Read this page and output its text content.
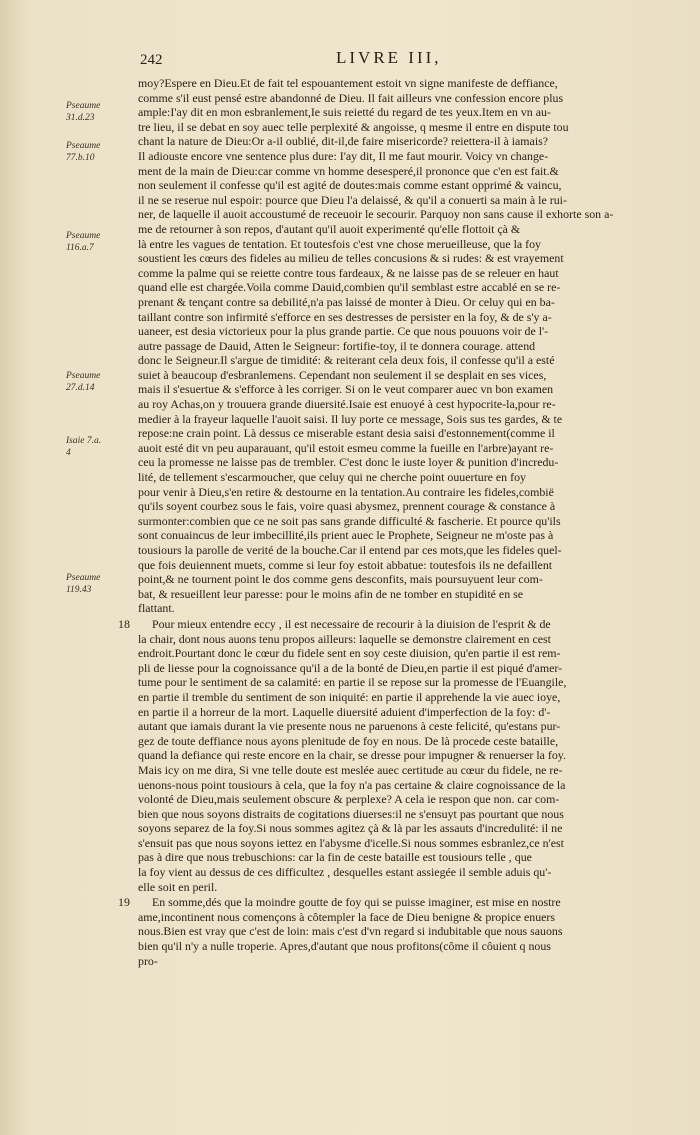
242	LIVRE III,
Pseaume
31.d.23
Pseaume
77.b.10
Pseaume
116.a.7
Pseaume
27.d.14
Isaie 7.a.
4
Pseaume
119.43
moy?Espere en Dieu.Et de fait tel espouantement estoit vn signe manifeste de deffiance,
comme s'il eust pensé estre abandonné de Dieu. Il fait ailleurs vne confession encore plus
ample:I'ay dit en mon esbranlement,Ie suis reietté du regard de tes yeux.Item en vn au-
tre lieu, il se debat en soy auec telle perplexité & angoisse, q mesme il entre en dispute tou
chant la nature de Dieu:Or a-il oublié, dit-il,de faire misericorde? reiettera-il à iamais?
Il adiouste encore vne sentence plus dure: I'ay dit, Il me faut mourir. Voicy vn change-
ment de la main de Dieu:car comme vn homme desesperé,il prononce que c'en est fait.&
non seulement il confesse qu'il est agité de doutes:mais comme estant opprimé & vaincu,
il ne se reserue nul espoir: pource que Dieu l'a delaissé, & qu'il a conuerti sa main à le rui-
ner, de laquelle il auoit accoustumé de receuoir le secourir. Parquoy non sans cause il exhorte son a-
me de retourner à son repos, d'autant qu'il auoit experimenté qu'elle flottoit çà &
là entre les vagues de tentation. Et toutesfois c'est vne chose merueilleuse, que la foy
soustient les cœurs des fideles au milieu de telles concusions & si rudes: & est vrayement
comme la palme qui se reiette contre tous fardeaux, & ne laisse pas de se releuer en haut
quand elle est chargée.Voila comme Dauid,combien qu'il semblast estre accablé en se re-
prenant & tençant contre sa debilité,n'a pas laissé de monter à Dieu. Or celuy qui en ba-
taillant contre son infirmité s'efforce en ses destresses de persister en la foy, & de s'y a-
uaneer, est desia victorieux pour la plus grande partie. Ce que nous pouuons voir de l'-
autre passage de Dauid, Atten le Seigneur: fortifie-toy, il te donnera courage. attend
donc le Seigneur.Il s'argue de timidité: & reiterant cela deux fois, il confesse qu'il a esté
suiet à beaucoup d'esbranlemens. Cependant non seulement il se desplait en ses vices,
mais il s'esuertue & s'efforce à les corriger. Si on le veut comparer auec vn bon examen
au roy Achas,on y trouuera grande diuersité.Isaie est enuoyé à cest hypocrite-la,pour re-
medier à la frayeur laquelle l'auoit saisi. Il luy porte ce message, Sois sus tes gardes, & te
repose:ne crain point. Là dessus ce miserable estant desia saisi d'estonnement(comme il
auoit esté dit vn peu auparauant, qu'il estoit esmeu comme la fueille en l'arbre)ayant re-
ceu la promesse ne laisse pas de trembler. C'est donc le iuste loyer & punition d'incredu-
lité, de tellement s'escarmoucher, que celuy qui ne cherche point ouuerture en foy
pour venir à Dieu,s'en retire & destourne en la tentation.Au contraire les fideles,combië
qu'ils soyent courbez sous le fais, voire quasi abysmez, prennent courage & constance à
surmonter:combien que ce ne soit pas sans grande difficulté & fascherie. Et pource qu'ils
sont conuaincus de leur imbecillité,ils prient auec le Prophete, Seigneur ne m'oste pas à
tousiours la parolle de verité de la bouche.Car il entend par ces mots,que les fideles quel-
que fois deuiennent muets, comme si leur foy estoit abbatue: toutesfois ils ne defaillent
point,& ne tournent point le dos comme gens desconfits, mais poursuyuent leur com-
bat, & resueillent leur paresse: pour le moins afin de ne tomber en stupidité en se
flattant.
18	Pour mieux entendre eccy , il est necessaire de recourir à la diuision de l'esprit & de
la chair, dont nous auons tenu propos ailleurs: laquelle se demonstre clairement en cest
endroit.Pourtant donc le cœur du fidele sent en soy ceste diuision, qu'en partie il est rem-
pli de liesse pour la cognoissance qu'il a de la bonté de Dieu,en partie il est piqué d'amer-
tume pour le sentiment de sa calamité: en partie il se repose sur la promesse de l'Euangile,
en partie il tremble du sentiment de son iniquité: en partie il apprehende la vie auec ioye,
en partie il a horreur de la mort. Laquelle diuersité aduient d'imperfection de la foy: d'-
autant que iamais durant la vie presente nous ne paruenons à ceste felicité, qu'estans pur-
gez de toute deffiance nous ayons plenitude de foy en nous. De là procede ceste bataille,
quand la defiance qui reste encore en la chair, se dresse pour impugner & renuerser la foy.
Mais icy on me dira, Si vne telle doute est meslée auec certitude au cœur du fidele, ne re-
uenons-nous point tousiours à cela, que la foy n'a pas certaine & claire cognoissance de la
volonté de Dieu,mais seulement obscure & perplexe? A cela ie respon que non. car com-
bien que nous soyons distraits de cogitations diuerses:il ne s'ensuyt pas pourtant que nous
soyons separez de la foy.Si nous sommes agitez çà & là par les assauts d'incredulité: il ne
s'ensuit pas que nous soyons iettez en l'abysme d'icelle.Si nous sommes esbranlez,ce n'est
pas à dire que nous trebuschions: car la fin de ceste bataille est tousiours telle , que
la foy vient au dessus de ces difficultez , desquelles estant assiegée il semble aduis qu'-
elle soit en peril.
19	En somme,dés que la moindre goutte de foy qui se puisse imaginer, est mise en nostre
ame,incontinent nous començons à côtempler la face de Dieu benigne & propice enuers
nous.Bien est vray que c'est de loin: mais c'est d'vn regard si indubitable que nous sauons
bien qu'il n'y a nulle troperie. Apres,d'autant que nous profitons(côme il côuient q nous
pro-
